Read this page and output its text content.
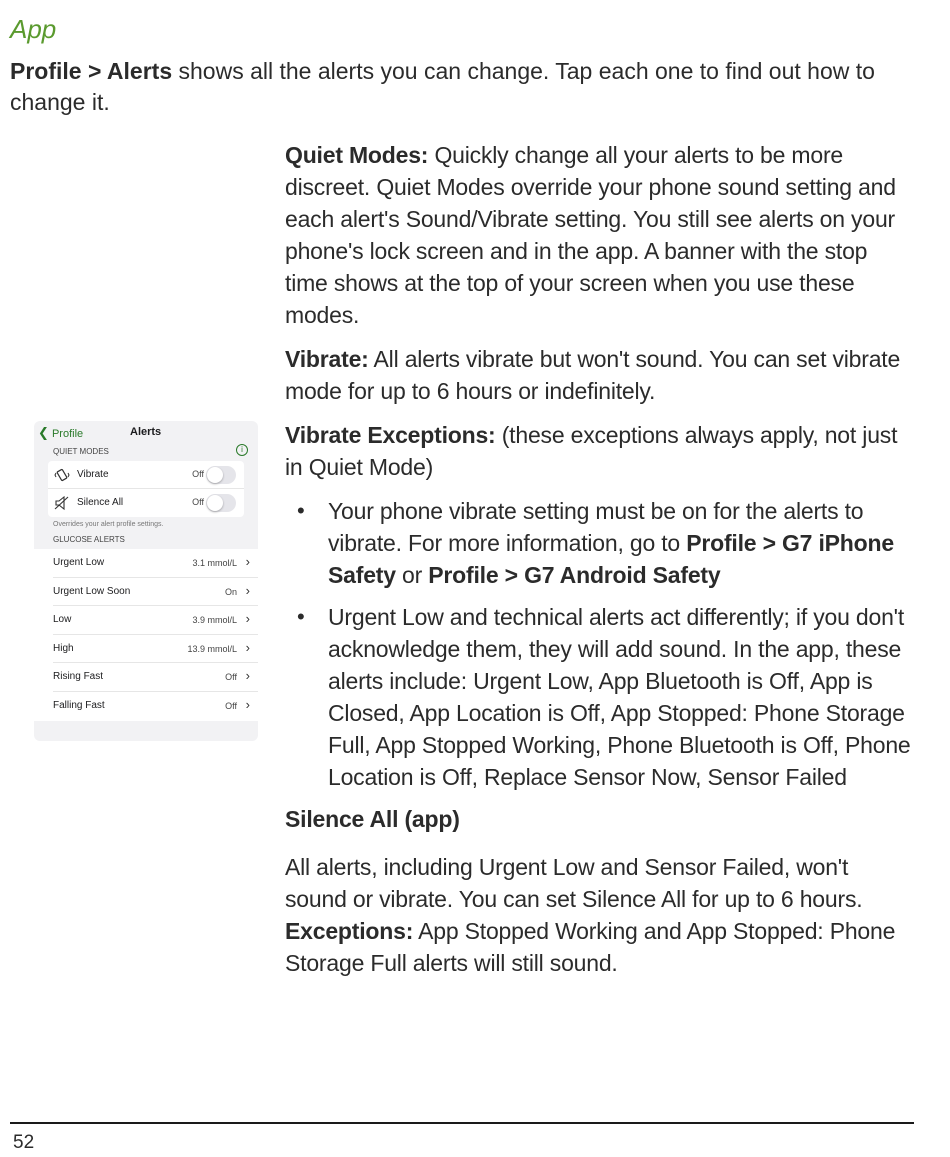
App
Profile > Alerts shows all the alerts you can change. Tap each one to find out how to change it.
❮ Profile	Alerts
QUIET MODES	i
Vibrate	Off
Silence All	Off
Overrides your alert profile settings.
GLUCOSE ALERTS
Urgent Low	3.1 mmol/L ›
Urgent Low Soon	On ›
Low	3.9 mmol/L ›
High	13.9 mmol/L ›
Rising Fast	Off ›
Falling Fast	Off ›

Quiet Modes: Quickly change all your alerts to be more discreet. Quiet Modes override your phone sound setting and each alert's Sound/Vibrate setting. You still see alerts on your phone's lock screen and in the app. A banner with the stop time shows at the top of your screen when you use these modes.

Vibrate: All alerts vibrate but won't sound. You can set vibrate mode for up to 6 hours or indefinitely.

Vibrate Exceptions: (these exceptions always apply, not just in Quiet Mode)

• Your phone vibrate setting must be on for the alerts to vibrate. For more information, go to Profile > G7 iPhone Safety or Profile > G7 Android Safety
• Urgent Low and technical alerts act differently; if you don't acknowledge them, they will add sound. In the app, these alerts include: Urgent Low, App Bluetooth is Off, App is Closed, App Location is Off, App Stopped: Phone Storage Full, App Stopped Working, Phone Bluetooth is Off, Phone Location is Off, Replace Sensor Now, Sensor Failed
Silence All (app)

All alerts, including Urgent Low and Sensor Failed, won't sound or vibrate. You can set Silence All for up to 6 hours. Exceptions: App Stopped Working and App Stopped: Phone Storage Full alerts will still sound.

52
